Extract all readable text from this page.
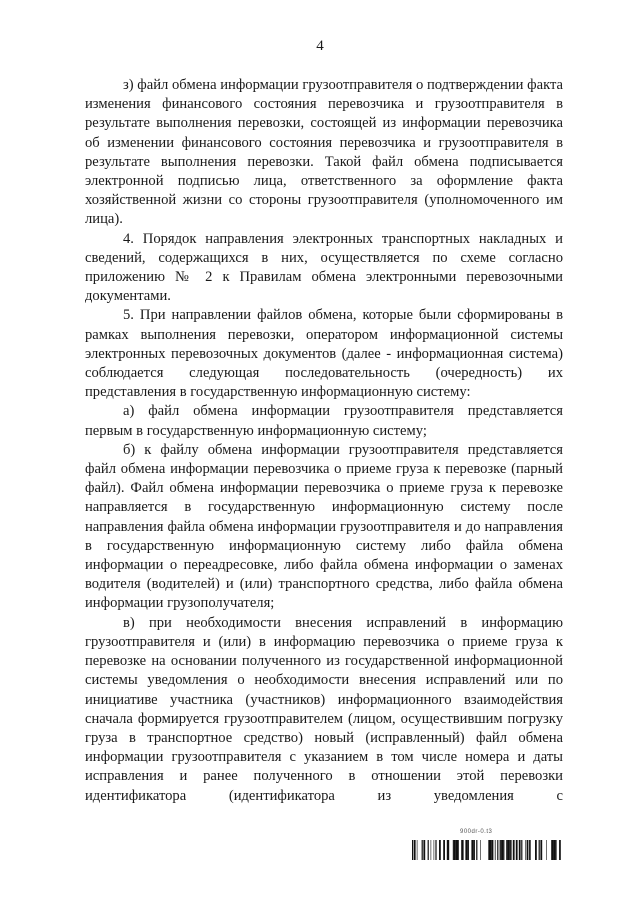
4

з) файл обмена информации грузоотправителя о подтверждении факта изменения финансового состояния перевозчика и грузоотправителя в результате выполнения перевозки, состоящей из информации перевозчика об изменении финансового состояния перевозчика и грузоотправителя в результате выполнения перевозки. Такой файл обмена подписывается электронной подписью лица, ответственного за оформление факта хозяйственной жизни со стороны грузоотправителя (уполномоченного им лица).

4. Порядок направления электронных транспортных накладных и сведений, содержащихся в них, осуществляется по схеме согласно приложению № 2 к Правилам обмена электронными перевозочными документами.

5. При направлении файлов обмена, которые были сформированы в рамках выполнения перевозки, оператором информационной системы электронных перевозочных документов (далее - информационная система) соблюдается следующая последовательность (очередность) их представления в государственную информационную систему:

а) файл обмена информации грузоотправителя представляется первым в государственную информационную систему;

б) к файлу обмена информации грузоотправителя представляется файл обмена информации перевозчика о приеме груза к перевозке (парный файл). Файл обмена информации перевозчика о приеме груза к перевозке направляется в государственную информационную систему после направления файла обмена информации грузоотправителя и до направления в государственную информационную систему либо файла обмена информации о переадресовке, либо файла обмена информации о заменах водителя (водителей) и (или) транспортного средства, либо файла обмена информации грузополучателя;

в) при необходимости внесения исправлений в информацию грузоотправителя и (или) в информацию перевозчика о приеме груза к перевозке на основании полученного из государственной информационной системы уведомления о необходимости внесения исправлений или по инициативе участника (участников) информационного взаимодействия сначала формируется грузоотправителем (лицом, осуществившим погрузку груза в транспортное средство) новый (исправленный) файл обмена информации грузоотправителя с указанием в том числе номера и даты исправления и ранее полученного в отношении этой перевозки идентификатора (идентификатора из уведомления с

900dr-0.t3
